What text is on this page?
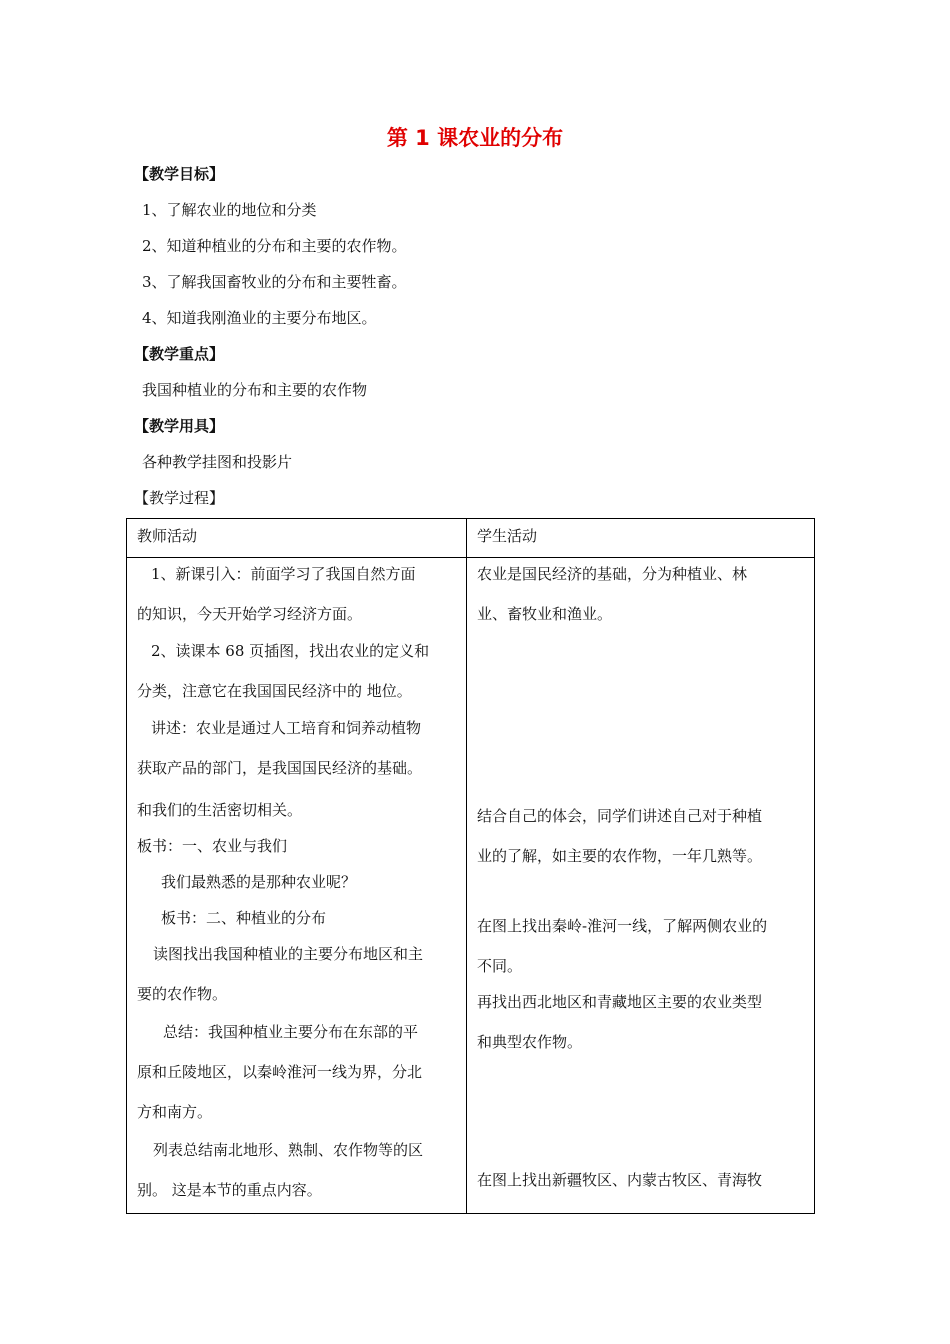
第 1 课农业的分布
【教学目标】
1、了解农业的地位和分类
2、知道种植业的分布和主要的农作物。
3、了解我国畜牧业的分布和主要牲畜。
4、知道我刚渔业的主要分布地区。
【教学重点】
我国种植业的分布和主要的农作物
【教学用具】
各种教学挂图和投影片
【教学过程】
教师活动	学生活动
1、新课引入：前面学习了我国自然方面
的知识，今天开始学习经济方面。
2、读课本 68 页插图，找出农业的定义和
分类，注意它在我国国民经济中的 地位。
讲述：农业是通过人工培育和饲养动植物
获取产品的部门，是我国国民经济的基础。
和我们的生活密切相关。
板书：一、农业与我们
我们最熟悉的是那种农业呢？
板书：二、种植业的分布
读图找出我国种植业的主要分布地区和主
要的农作物。
总结：我国种植业主要分布在东部的平
原和丘陵地区，以秦岭淮河一线为界，分北
方和南方。
列表总结南北地形、熟制、农作物等的区
别。 这是本节的重点内容。
农业是国民经济的基础，分为种植业、林
业、畜牧业和渔业。
结合自己的体会，同学们讲述自己对于种植
业的了解，如主要的农作物，一年几熟等。
在图上找出秦岭-淮河一线，了解两侧农业的
不同。
再找出西北地区和青藏地区主要的农业类型
和典型农作物。
在图上找出新疆牧区、内蒙古牧区、青海牧
